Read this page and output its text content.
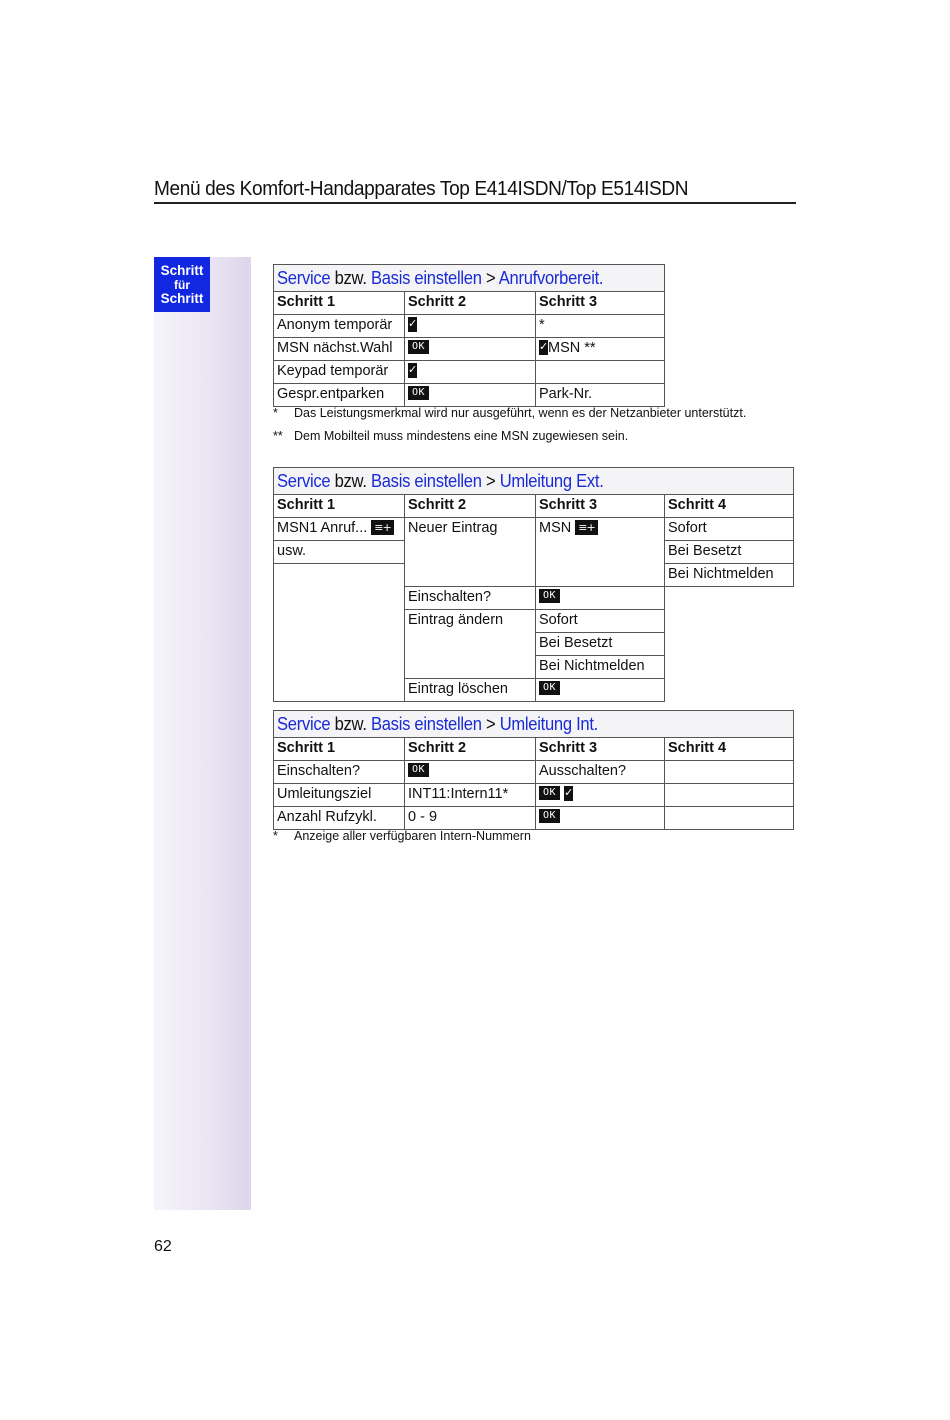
Menü des Komfort-Handapparates Top E414ISDN/Top E514ISDN
Schritt
für
Schritt
Service bzw. Basis einstellen > Anrufvorbereit.		
Schritt 1	Schritt 2	Schritt 3
Anonym temporär	✓	*
MSN nächst.Wahl	OK	✓MSN **
Keypad temporär	✓	
Gespr.entparken	OK	Park-Nr.
* Das Leistungsmerkmal wird nur ausgeführt, wenn es der Netzanbieter unterstützt.
** Dem Mobilteil muss mindestens eine MSN zugewiesen sein.
Service bzw. Basis einstellen > Umleitung Ext.			
Schritt 1	Schritt 2	Schritt 3	Schritt 4
MSN1 Anruf... ≡+	Neuer Eintrag	MSN ≡+	Sofort
usw.			Bei Besetzt
			Bei Nichtmelden
	Einschalten?	OK	
	Eintrag ändern	Sofort	
		Bei Besetzt	
		Bei Nichtmelden	
	Eintrag löschen	OK	
Service bzw. Basis einstellen > Umleitung Int.			
Schritt 1	Schritt 2	Schritt 3	Schritt 4
Einschalten?	OK	Ausschalten?	
Umleitungsziel	INT11:Intern11*	OK ✓	
Anzahl Rufzykl.	0 - 9	OK	
* Anzeige aller verfügbaren Intern-Nummern
62
